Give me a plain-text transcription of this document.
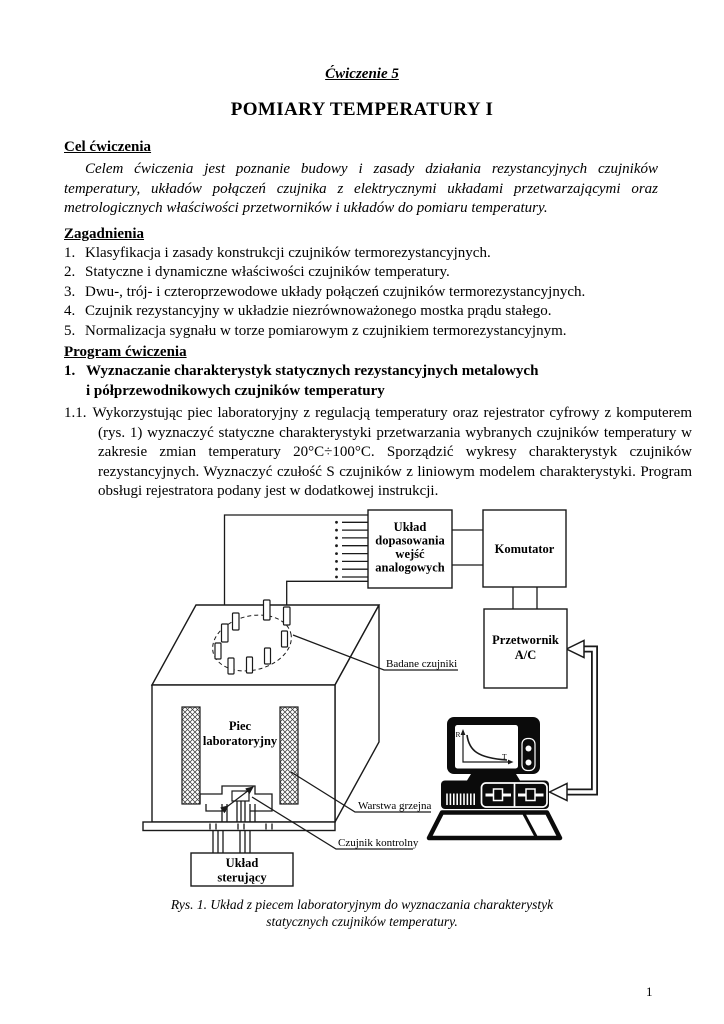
Ćwiczenie 5
POMIARY TEMPERATURY I
Cel ćwiczenia
Celem ćwiczenia jest poznanie budowy i zasady działania rezystancyjnych czujników temperatury, układów połączeń czujnika z elektrycznymi układami przetwarzającymi oraz metrologicznych właściwości przetworników i układów do pomiaru temperatury.
Zagadnienia
1. Klasyfikacja i zasady konstrukcji czujników termorezystancyjnych.
2. Statyczne i dynamiczne właściwości czujników temperatury.
3. Dwu-, trój- i czteroprzewodowe układy połączeń czujników termorezystancyjnych.
4. Czujnik rezystancyjny w układzie niezrównoważonego mostka prądu stałego.
5. Normalizacja sygnału w torze pomiarowym z czujnikiem termorezystancyjnym.
Program ćwiczenia
1. Wyznaczanie charakterystyk statycznych rezystancyjnych metalowych
i półprzewodnikowych czujników temperatury
1.1. Wykorzystując piec laboratoryjny z regulacją temperatury oraz rejestrator cyfrowy z komputerem (rys. 1) wyznaczyć statyczne charakterystyki przetwarzania wybranych czujników temperatury w zakresie zmian temperatury 20°C÷100°C. Sporządzić wykresy charakterystyk czujników rezystancyjnych. Wyznaczyć czułość S czujników z liniowym modelem charakterystyki. Program obsługi rejestratora podany jest w dodatkowej instrukcji.
Układ
dopasowania
wejść
analogowych
Komutator
Przetwornik
A/C
Piec
laboratoryjny
Układ
sterujący
Badane czujniki
Warstwa grzejna
Czujnik kontrolny
R
T
Rys. 1. Układ z piecem laboratoryjnym do wyznaczania charakterystyk
statycznych czujników temperatury.
1
